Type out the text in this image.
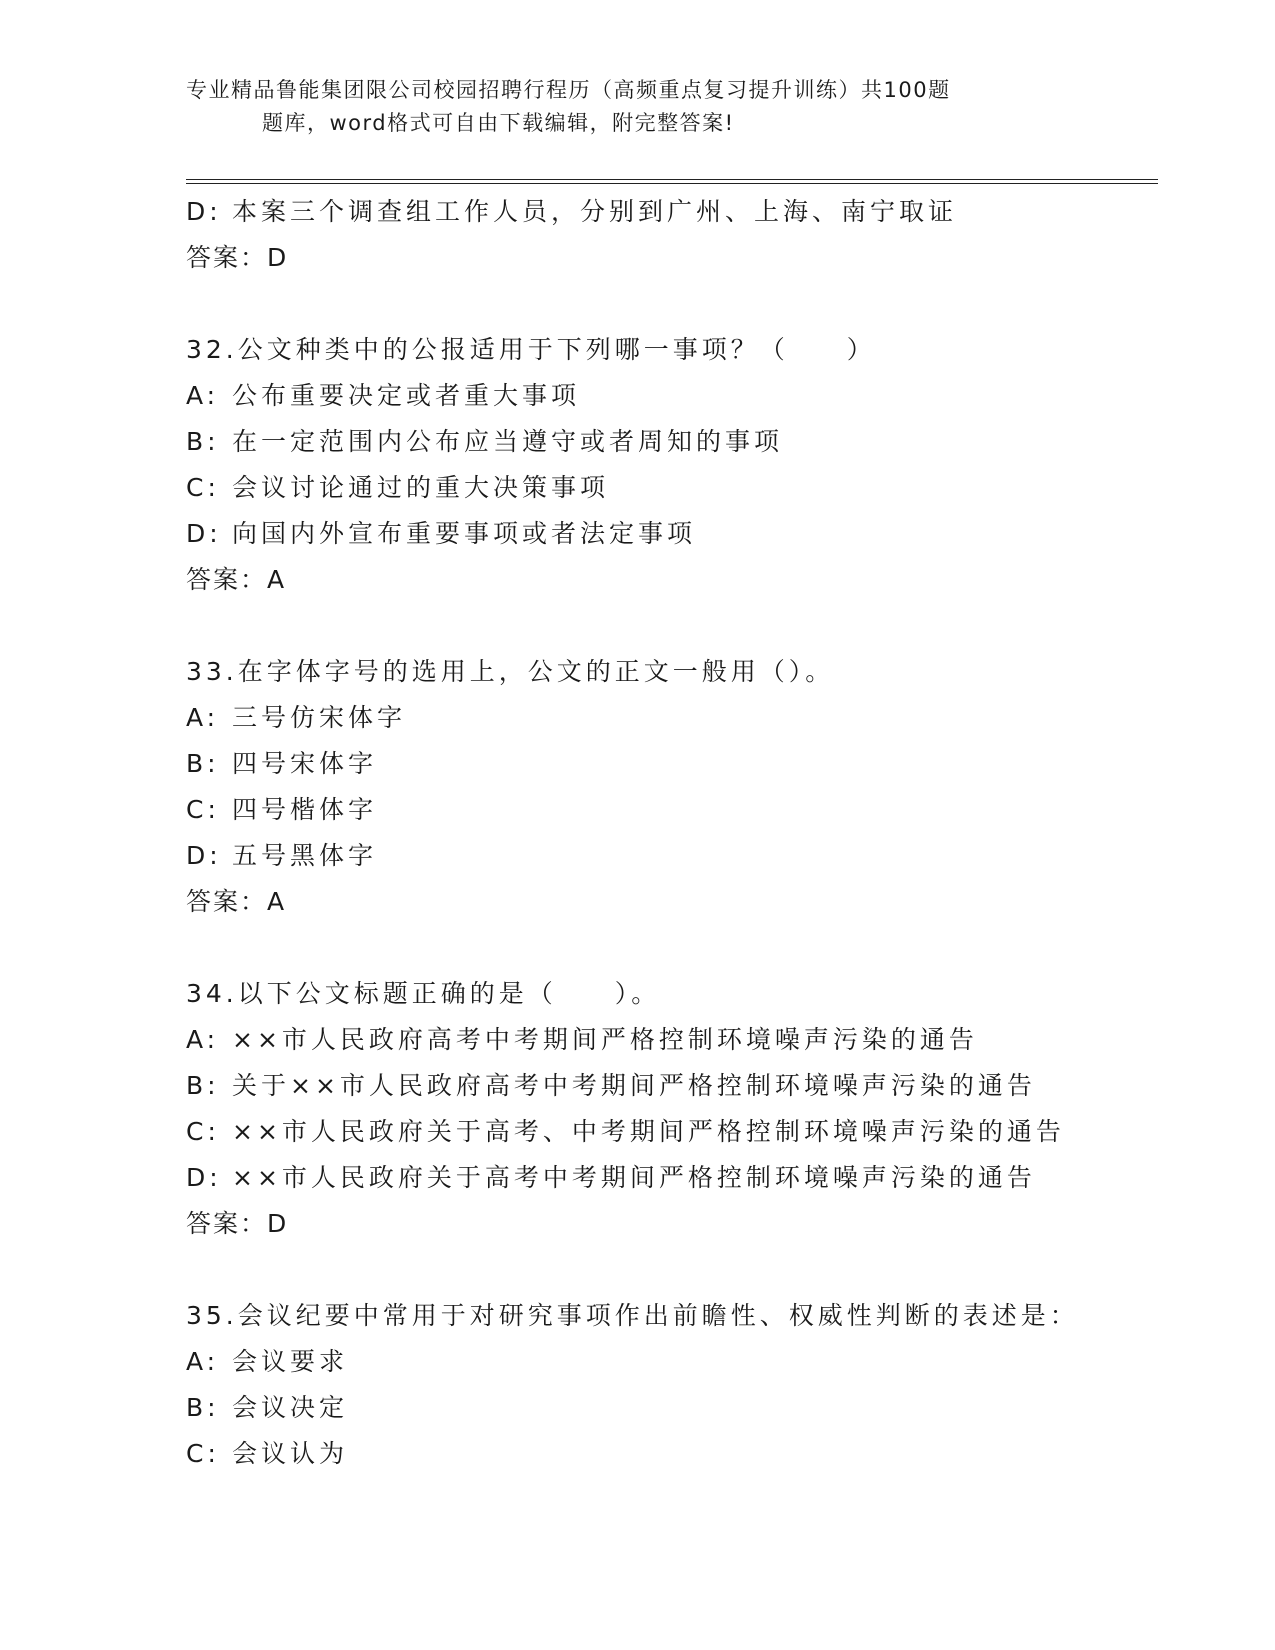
专业精品鲁能集团限公司校园招聘行程历（高频重点复习提升训练）共100题
题库，word格式可自由下载编辑，附完整答案!
D: 本案三个调查组工作人员，分别到广州、上海、南宁取证
答案：D
32.公文种类中的公报适用于下列哪一事项？（　　）
A: 公布重要决定或者重大事项
B: 在一定范围内公布应当遵守或者周知的事项
C: 会议讨论通过的重大决策事项
D: 向国内外宣布重要事项或者法定事项
答案：A
33.在字体字号的选用上，公文的正文一般用（）。
A: 三号仿宋体字
B: 四号宋体字
C: 四号楷体字
D: 五号黑体字
答案：A
34.以下公文标题正确的是（　　）。
A: ××市人民政府高考中考期间严格控制环境噪声污染的通告
B: 关于××市人民政府高考中考期间严格控制环境噪声污染的通告
C: ××市人民政府关于高考、中考期间严格控制环境噪声污染的通告
D: ××市人民政府关于高考中考期间严格控制环境噪声污染的通告
答案：D
35.会议纪要中常用于对研究事项作出前瞻性、权威性判断的表述是：
A: 会议要求
B: 会议决定
C: 会议认为
